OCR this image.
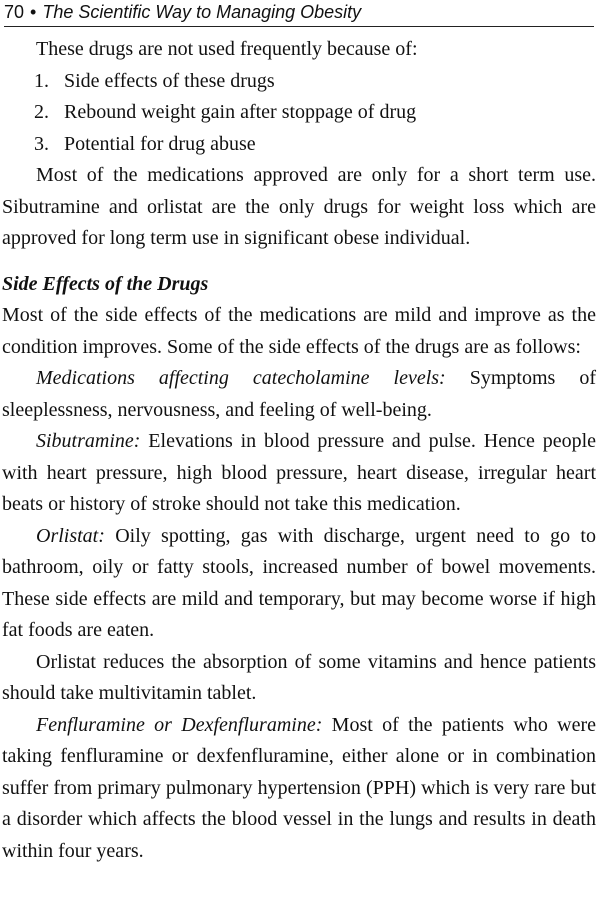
70 • The Scientific Way to Managing Obesity

These drugs are not used frequently because of:

1. Side effects of these drugs

2. Rebound weight gain after stoppage of drug

3. Potential for drug abuse

Most of the medications approved are only for a short term use. Sibutramine and orlistat are the only drugs for weight loss which are approved for long term use in significant obese individual.

Side Effects of the Drugs

Most of the side effects of the medications are mild and improve as the condition improves. Some of the side effects of the drugs are as follows:

Medications affecting catecholamine levels: Symptoms of sleeplessness, nervousness, and feeling of well-being.

Sibutramine: Elevations in blood pressure and pulse. Hence people with heart pressure, high blood pressure, heart disease, irregular heart beats or history of stroke should not take this medication.

Orlistat: Oily spotting, gas with discharge, urgent need to go to bathroom, oily or fatty stools, increased number of bowel movements. These side effects are mild and temporary, but may become worse if high fat foods are eaten.

Orlistat reduces the absorption of some vitamins and hence patients should take multivitamin tablet.

Fenfluramine or Dexfenfluramine: Most of the patients who were taking fenfluramine or dexfenfluramine, either alone or in combination suffer from primary pulmonary hypertension (PPH) which is very rare but a disorder which affects the blood vessel in the lungs and results in death within four years.
